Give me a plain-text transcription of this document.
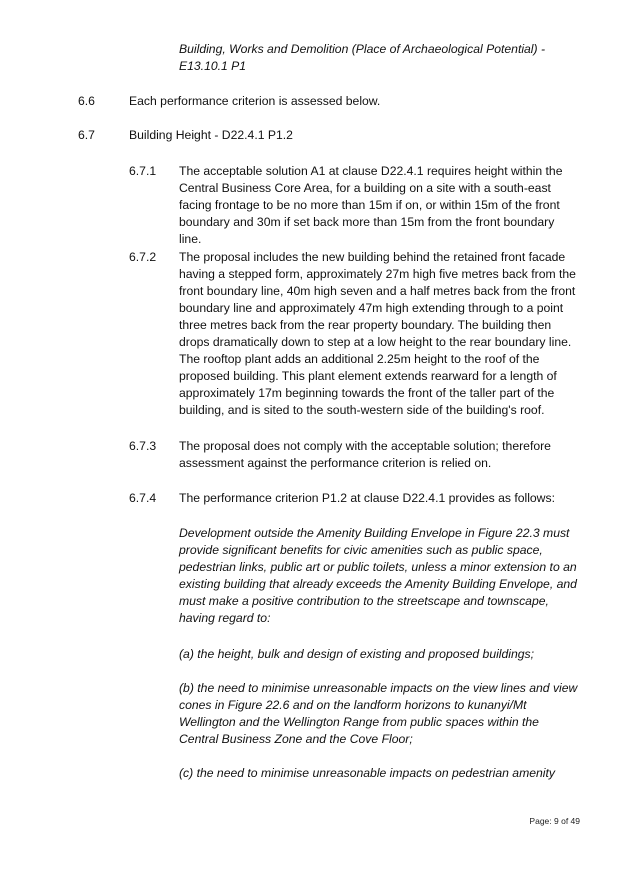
Building, Works and Demolition (Place of Archaeological Potential) - E13.10.1 P1

6.6	Each performance criterion is assessed below.

6.7	Building Height - D22.4.1 P1.2

6.7.1 The acceptable solution A1 at clause D22.4.1 requires height within the Central Business Core Area, for a building on a site with a south-east facing frontage to be no more than 15m if on, or within 15m of the front boundary and 30m if set back more than 15m from the front boundary line.

6.7.2 The proposal includes the new building behind the retained front facade having a stepped form, approximately 27m high five metres back from the front boundary line, 40m high seven and a half metres back from the front boundary line and approximately 47m high extending through to a point three metres back from the rear property boundary. The building then drops dramatically down to step at a low height to the rear boundary line. The rooftop plant adds an additional 2.25m height to the roof of the proposed building. This plant element extends rearward for a length of approximately 17m beginning towards the front of the taller part of the building, and is sited to the south-western side of the building's roof.

6.7.3 The proposal does not comply with the acceptable solution; therefore assessment against the performance criterion is relied on.

6.7.4 The performance criterion P1.2 at clause D22.4.1 provides as follows:

Development outside the Amenity Building Envelope in Figure 22.3 must provide significant benefits for civic amenities such as public space, pedestrian links, public art or public toilets, unless a minor extension to an existing building that already exceeds the Amenity Building Envelope, and must make a positive contribution to the streetscape and townscape, having regard to:

(a) the height, bulk and design of existing and proposed buildings;

(b) the need to minimise unreasonable impacts on the view lines and view cones in Figure 22.6 and on the landform horizons to kunanyi/Mt Wellington and the Wellington Range from public spaces within the Central Business Zone and the Cove Floor;

(c) the need to minimise unreasonable impacts on pedestrian amenity

Page: 9 of 49
